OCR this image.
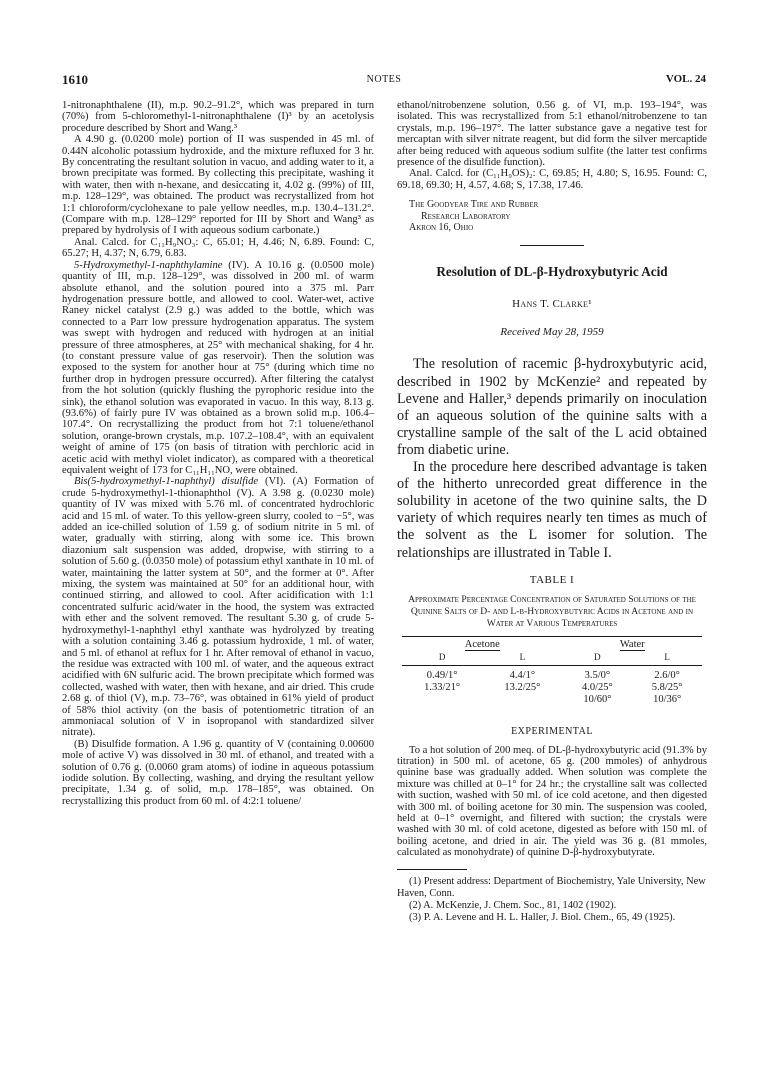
1610	NOTES	VOL. 24

1-nitronaphthalene (II), m.p. 90.2–91.2°, which was prepared in turn (70%) from 5-chloromethyl-1-nitronaphthalene (I)³ by an acetolysis procedure described by Short and Wang.³

A 4.90 g. (0.0200 mole) portion of II was suspended in 45 ml. of 0.44N alcoholic potassium hydroxide, and the mixture refluxed for 3 hr. By concentrating the resultant solution in vacuo, and adding water to it, a brown precipitate was formed. By collecting this precipitate, washing it with water, then with n-hexane, and desiccating it, 4.02 g. (99%) of III, m.p. 128–129°, was obtained. The product was recrystallized from hot 1:1 chloroform/cyclohexane to pale yellow needles, m.p. 130.4–131.2°. (Compare with m.p. 128–129° reported for III by Short and Wang³ as prepared by hydrolysis of I with aqueous sodium carbonate.)

Anal. Calcd. for C₁₁H₉NO₃: C, 65.01; H, 4.46; N, 6.89. Found: C, 65.27; H, 4.37; N, 6.79, 6.83.

5-Hydroxymethyl-1-naphthylamine (IV). A 10.16 g. (0.0500 mole) quantity of III, m.p. 128–129°, was dissolved in 200 ml. of warm absolute ethanol, and the solution poured into a 375 ml. Parr hydrogenation pressure bottle, and allowed to cool. Water-wet, active Raney nickel catalyst (2.9 g.) was added to the bottle, which was connected to a Parr low pressure hydrogenation apparatus. The system was swept with hydrogen and reduced with hydrogen at an initial pressure of three atmospheres, at 25° with mechanical shaking, for 4 hr. (to constant pressure value of gas reservoir). Then the solution was exposed to the system for another hour at 75° (during which time no further drop in hydrogen pressure occurred). After filtering the catalyst from the hot solution (quickly flushing the pyrophoric residue into the sink), the ethanol solution was evaporated in vacuo. In this way, 8.13 g. (93.6%) of fairly pure IV was obtained as a brown solid m.p. 106.4–107.4°. On recrystallizing the product from hot 7:1 toluene/ethanol solution, orange-brown crystals, m.p. 107.2–108.4°, with an equivalent weight of amine of 175 (on basis of titration with perchloric acid in acetic acid with methyl violet indicator), as compared with a theoretical equivalent weight of 173 for C₁₁H₁₁NO, were obtained.

Bis(5-hydroxymethyl-1-naphthyl) disulfide (VI). (A) Formation of crude 5-hydroxymethyl-1-thionaphthol (V). A 3.98 g. (0.0230 mole) quantity of IV was mixed with 5.76 ml. of concentrated hydrochloric acid and 15 ml. of water. To this yellow-green slurry, cooled to −5°, was added an ice-chilled solution of 1.59 g. of sodium nitrite in 5 ml. of water, gradually with stirring, along with some ice. This brown diazonium salt suspension was added, dropwise, with stirring to a solution of 5.60 g. (0.0350 mole) of potassium ethyl xanthate in 10 ml. of water, maintaining the latter system at 50°, and the former at 0°. After mixing, the system was maintained at 50° for an additional hour, with continued stirring, and allowed to cool. After acidification with 1:1 concentrated sulfuric acid/water in the hood, the system was extracted with ether and the solvent removed. The resultant 5.30 g. of crude 5-hydroxymethyl-1-naphthyl ethyl xanthate was hydrolyzed by treating with a solution containing 3.46 g. potassium hydroxide, 1 ml. of water, and 5 ml. of ethanol at reflux for 1 hr. After removal of ethanol in vacuo, the residue was extracted with 100 ml. of water, and the aqueous extract acidified with 6N sulfuric acid. The brown precipitate which formed was collected, washed with water, then with hexane, and air dried. This crude 2.68 g. of thiol (V), m.p. 73–76°, was obtained in 61% yield of product of 58% thiol activity (on the basis of potentiometric titration of an ammoniacal solution of V in isopropanol with standardized silver nitrate).

(B) Disulfide formation. A 1.96 g. quantity of V (containing 0.00600 mole of active V) was dissolved in 30 ml. of ethanol, and treated with a solution of 0.76 g. (0.0060 gram atoms) of iodine in aqueous potassium iodide solution. By collecting, washing, and drying the resultant yellow precipitate, 1.34 g. of solid, m.p. 178–185°, was obtained. On recrystallizing this product from 60 ml. of 4:2:1 toluene/

ethanol/nitrobenzene solution, 0.56 g. of VI, m.p. 193–194°, was isolated. This was recrystallized from 5:1 ethanol/nitrobenzene to tan crystals, m.p. 196–197°. The latter substance gave a negative test for mercaptan with silver nitrate reagent, but did form the silver mercaptide after being reduced with aqueous sodium sulfite (the latter test confirms presence of the disulfide function).

Anal. Calcd. for (C₁₁H₉OS)₂: C, 69.85; H, 4.80; S, 16.95. Found: C, 69.18, 69.30; H, 4.57, 4.68; S, 17.38, 17.46.

The Goodyear Tire and Rubber
Research Laboratory
Akron 16, Ohio
Resolution of DL-β-Hydroxybutyric Acid
Hans T. Clarke¹
Received May 28, 1959

The resolution of racemic β-hydroxybutyric acid, described in 1902 by McKenzie² and repeated by Levene and Haller,³ depends primarily on inoculation of an aqueous solution of the quinine salts with a crystalline sample of the salt of the L acid obtained from diabetic urine.

In the procedure here described advantage is taken of the hitherto unrecorded great difference in the solubility in acetone of the two quinine salts, the D variety of which requires nearly ten times as much of the solvent as the L isomer for solution. The relationships are illustrated in Table I.

TABLE I
Approximate Percentage Concentration of Saturated Solutions of the Quinine Salts of D- and L-β-Hydroxybutyric Acids in Acetone and in Water at Various Temperatures
Acetone		Water	
D	L	D	L
0.49/1°	4.4/1°	3.5/0°	2.6/0°
1.33/21°	13.2/25°	4.0/25°	5.8/25°
		10/60°	10/36°
EXPERIMENTAL

To a hot solution of 200 meq. of DL-β-hydroxybutyric acid (91.3% by titration) in 500 ml. of acetone, 65 g. (200 mmoles) of anhydrous quinine base was gradually added. When solution was complete the mixture was chilled at 0–1° for 24 hr.; the crystalline salt was collected with suction, washed with 50 ml. of ice cold acetone, and then digested with 300 ml. of boiling acetone for 30 min. The suspension was cooled, held at 0–1° overnight, and filtered with suction; the crystals were washed with 30 ml. of cold acetone, digested as before with 150 ml. of boiling acetone, and dried in air. The yield was 36 g. (81 mmoles, calculated as monohydrate) of quinine D-β-hydroxybutyrate.

(1) Present address: Department of Biochemistry, Yale University, New Haven, Conn.

(2) A. McKenzie, J. Chem. Soc., 81, 1402 (1902).

(3) P. A. Levene and H. L. Haller, J. Biol. Chem., 65, 49 (1925).
